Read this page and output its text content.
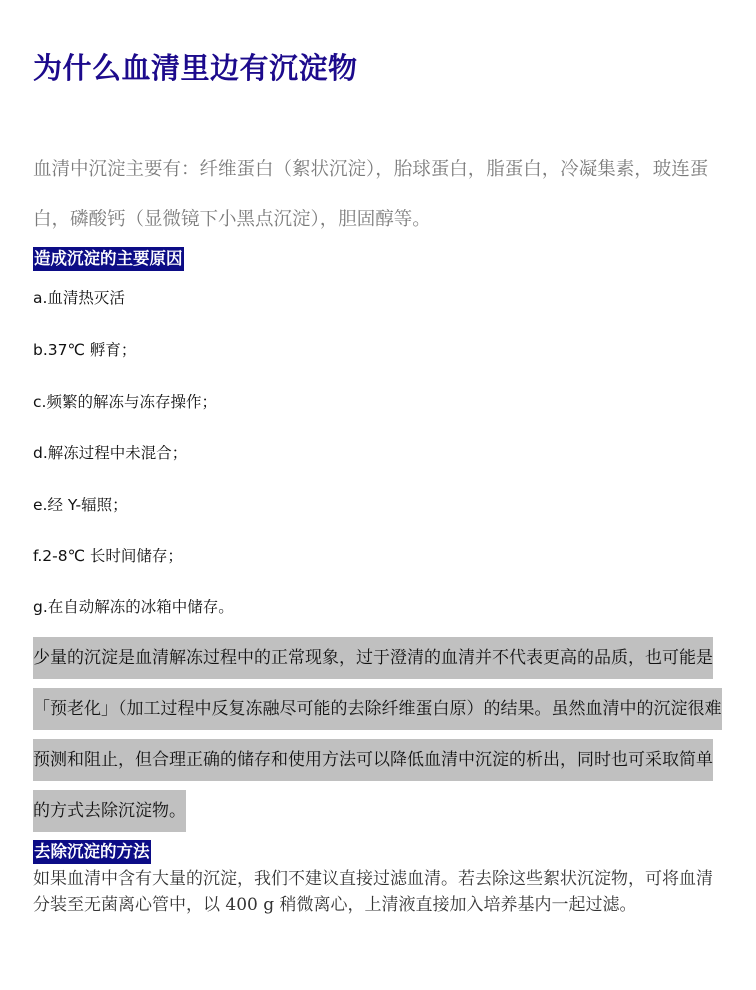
为什么血清里边有沉淀物

血清中沉淀主要有：纤维蛋白（絮状沉淀），胎球蛋白，脂蛋白，冷凝集素，玻连蛋白，磷酸钙（显微镜下小黑点沉淀），胆固醇等。

造成沉淀的主要原因
a.血清热灭活
b.37℃ 孵育；
c.频繁的解冻与冻存操作；
d.解冻过程中未混合；
e.经 Y-辐照；
f.2-8℃ 长时间储存；
g.在自动解冻的冰箱中储存。

少量的沉淀是血清解冻过程中的正常现象，过于澄清的血清并不代表更高的品质，也可能是「预老化」（加工过程中反复冻融尽可能的去除纤维蛋白原）的结果。虽然血清中的沉淀很难预测和阻止，但合理正确的储存和使用方法可以降低血清中沉淀的析出，同时也可采取简单的方式去除沉淀物。

去除沉淀的方法

如果血清中含有大量的沉淀，我们不建议直接过滤血清。若去除这些絮状沉淀物，可将血清分装至无菌离心管中，以 400 g 稍微离心，上清液直接加入培养基内一起过滤。
